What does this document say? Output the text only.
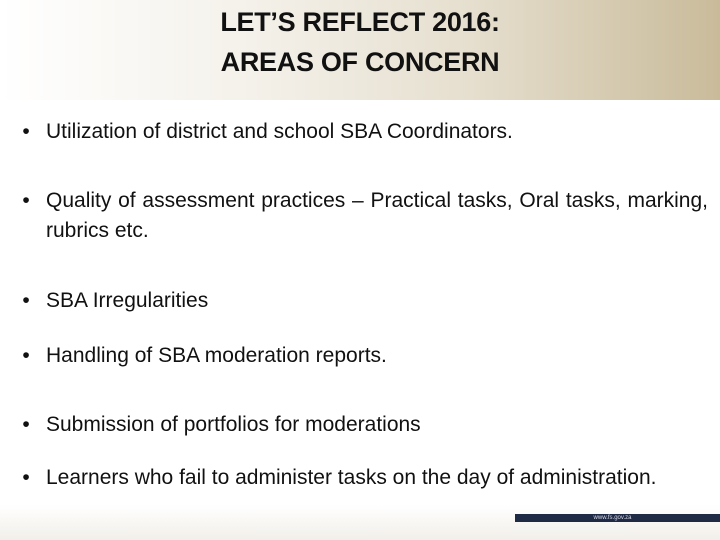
LET’S REFLECT 2016:
AREAS OF CONCERN
• Utilization of district and school SBA Coordinators.
• Quality of assessment practices – Practical tasks, Oral tasks, marking, rubrics etc.
• SBA Irregularities
• Handling of SBA moderation reports.
• Submission of portfolios for moderations
• Learners who fail to administer tasks on the day of administration.
www.fs.gov.za
